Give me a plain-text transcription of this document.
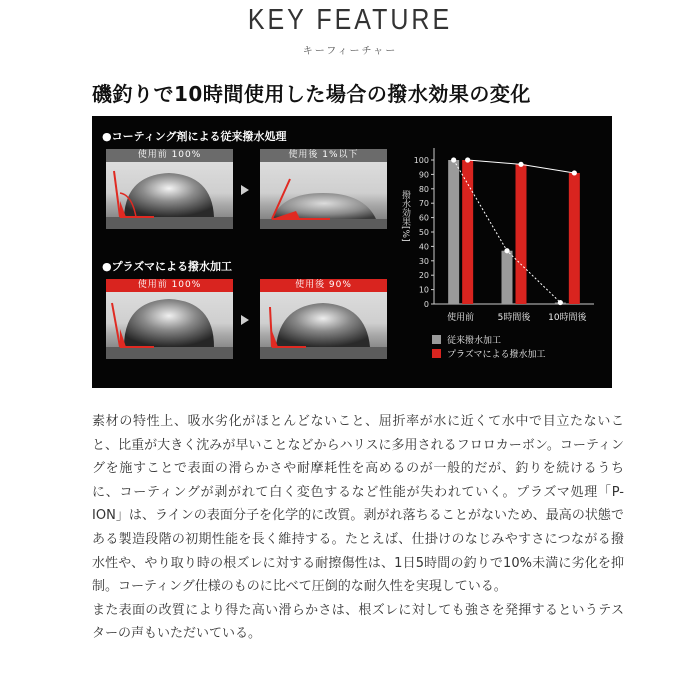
KEY FEATURE
キーフィーチャー
磯釣りで10時間使用した場合の撥水効果の変化
●コーティング剤による従来撥水処理
使用前 100%	使用後 1%以下
●プラズマによる撥水加工
使用前 100%	使用後 90%
撥水効果[%]
0
10
20
30
40
50
60
70
80
90
100
使用前	5時間後 10時間後
従来撥水加工
プラズマによる撥水加工

素材の特性上、吸水劣化がほとんどないこと、屈折率が水に近くて水中で目立たないこと、比重が大きく沈みが早いことなどからハリスに多用されるフロロカーボン。コーティングを施すことで表面の滑らかさや耐摩耗性を高めるのが一般的だが、釣りを続けるうちに、コーティングが剥がれて白く変色するなど性能が失われていく。プラズマ処理「P-ION」は、ラインの表面分子を化学的に改質。剥がれ落ちることがないため、最高の状態である製造段階の初期性能を長く維持する。たとえば、仕掛けのなじみやすさにつながる撥水性や、やり取り時の根ズレに対する耐擦傷性は、1日5時間の釣りで10%未満に劣化を抑制。コーティング仕様のものに比べて圧倒的な耐久性を実現している。

また表面の改質により得た高い滑らかさは、根ズレに対しても強さを発揮するというテスターの声もいただいている。
